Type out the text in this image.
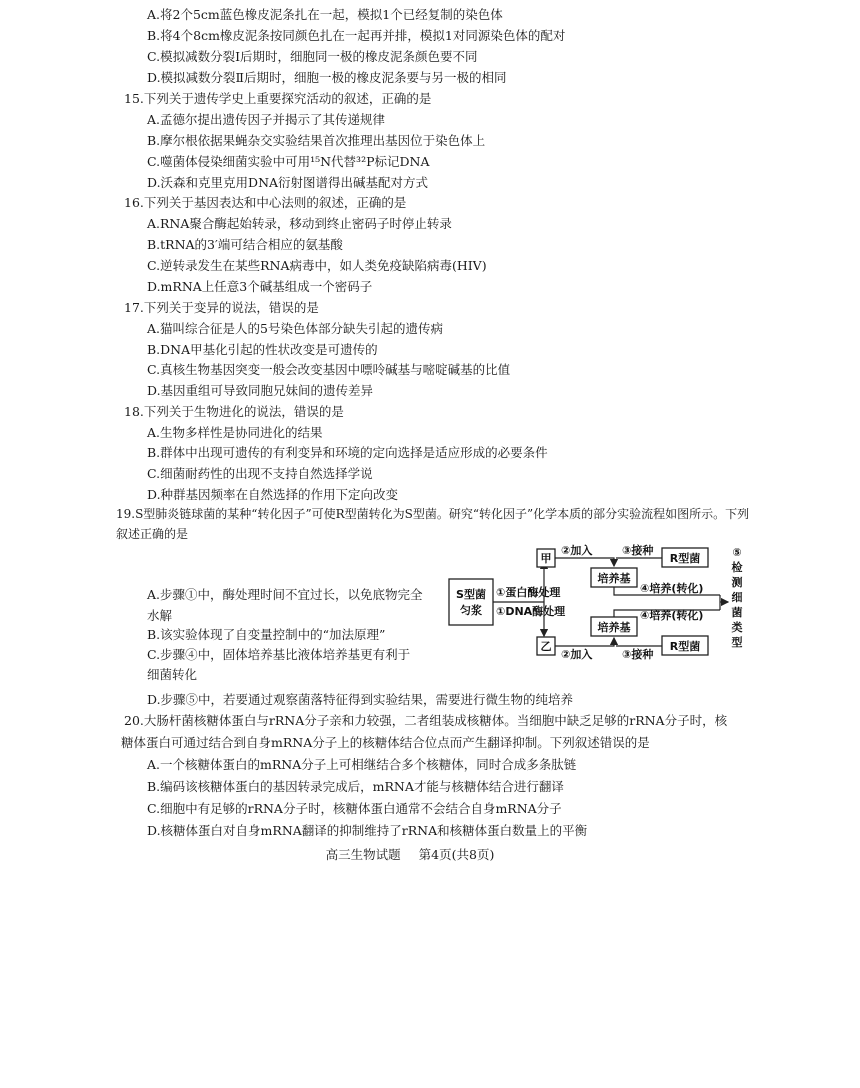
A.将2个5cm蓝色橡皮泥条扎在一起，模拟1个已经复制的染色体
B.将4个8cm橡皮泥条按同颜色扎在一起再并排，模拟1对同源染色体的配对
C.模拟减数分裂Ⅰ后期时，细胞同一极的橡皮泥条颜色要不同
D.模拟减数分裂Ⅱ后期时，细胞一极的橡皮泥条要与另一极的相同
15.下列关于遗传学史上重要探究活动的叙述，正确的是
A.孟德尔提出遗传因子并揭示了其传递规律
B.摩尔根依据果蝇杂交实验结果首次推理出基因位于染色体上
C.噬菌体侵染细菌实验中可用¹⁵N代替³²P标记DNA
D.沃森和克里克用DNA衍射图谱得出碱基配对方式
16.下列关于基因表达和中心法则的叙述，正确的是
A.RNA聚合酶起始转录，移动到终止密码子时停止转录
B.tRNA的3′端可结合相应的氨基酸
C.逆转录发生在某些RNA病毒中，如人类免疫缺陷病毒(HIV)
D.mRNA上任意3个碱基组成一个密码子
17.下列关于变异的说法，错误的是
A.猫叫综合征是人的5号染色体部分缺失引起的遗传病
B.DNA甲基化引起的性状改变是可遗传的
C.真核生物基因突变一般会改变基因中嘌呤碱基与嘧啶碱基的比值
D.基因重组可导致同胞兄妹间的遗传差异
18.下列关于生物进化的说法，错误的是
A.生物多样性是协同进化的结果
B.群体中出现可遗传的有利变异和环境的定向选择是适应形成的必要条件
C.细菌耐药性的出现不支持自然选择学说
D.种群基因频率在自然选择的作用下定向改变
19.S型肺炎链球菌的某种“转化因子”可使R型菌转化为S型菌。研究“转化因子”化学本质的部分实验流程如图所示。下列
叙述正确的是
A.步骤①中，酶处理时间不宜过长，以免底物完全
水解
B.该实验体现了自变量控制中的“加法原理”
C.步骤④中，固体培养基比液体培养基更有利于
细菌转化
D.步骤⑤中，若要通过观察菌落特征得到实验结果，需要进行微生物的纯培养
S型菌
匀浆
①蛋白酶处理
①DNA酶处理
甲
乙
②加入
R型菌
③接种
培养基
④培养(转化)
②加入
R型菌
③接种
培养基
④培养(转化)
⑤
检
测
细
菌
类
型
20.大肠杆菌核糖体蛋白与rRNA分子亲和力较强，二者组装成核糖体。当细胞中缺乏足够的rRNA分子时，核
糖体蛋白可通过结合到自身mRNA分子上的核糖体结合位点而产生翻译抑制。下列叙述错误的是
A.一个核糖体蛋白的mRNA分子上可相继结合多个核糖体，同时合成多条肽链
B.编码该核糖体蛋白的基因转录完成后，mRNA才能与核糖体结合进行翻译
C.细胞中有足够的rRNA分子时，核糖体蛋白通常不会结合自身mRNA分子
D.核糖体蛋白对自身mRNA翻译的抑制维持了rRNA和核糖体蛋白数量上的平衡
高三生物试题 第4页(共8页)
